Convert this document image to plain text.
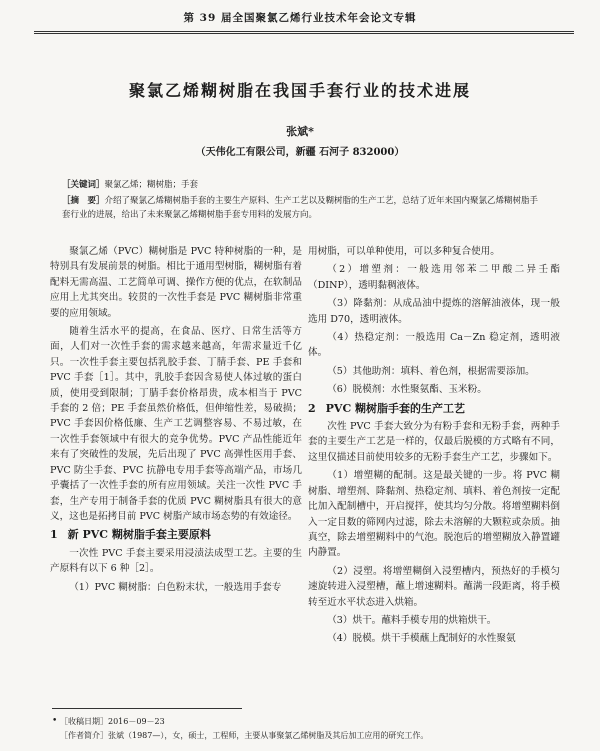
第 39 届全国聚氯乙烯行业技术年会论文专辑
聚氯乙烯糊树脂在我国手套行业的技术进展
张斌*
（天伟化工有限公司，新疆 石河子 832000）
［关键词］聚氯乙烯；糊树脂；手套
［摘　要］介绍了聚氯乙烯糊树脂手套的主要生产原料、生产工艺以及糊树脂的生产工艺，总结了近年来国内聚氯乙烯糊树脂手套行业的进展，给出了未来聚氯乙烯糊树脂手套专用料的发展方向。

聚氯乙烯（PVC）糊树脂是 PVC 特种树脂的一种，是特别具有发展前景的树脂。相比于通用型树脂，糊树脂有着配料无需高温、工艺简单可调、操作方便的优点，在软制品应用上尤其突出。较贯的一次性手套是 PVC 糊树脂非常重要的应用领域。

随着生活水平的提高，在食品、医疗、日常生活等方面，人们对一次性手套的需求越来越高，年需求量近千亿只。一次性手套主要包括乳胶手套、丁腈手套、PE 手套和 PVC 手套［1］。其中，乳胶手套因含易使人体过敏的蛋白质，使用受到限制；丁腈手套价格昂贵，成本相当于 PVC 手套的 2 倍；PE 手套虽然价格低，但伸缩性差，易破损；PVC 手套因价格低廉、生产工艺调整容易、不易过敏，在一次性手套领域中有很大的竞争优势。PVC 产品性能近年来有了突破性的发展，先后出现了 PVC 高弹性医用手套、PVC 防尘手套、PVC 抗静电专用手套等高端产品，市场几乎囊括了一次性手套的所有应用领域。关注一次性 PVC 手套，生产专用于制备手套的优质 PVC 糊树脂具有很大的意义，这也是拓拷目前 PVC 树脂产域市场态势的有效途径。

1 新 PVC 糊树脂手套主要原料

一次性 PVC 手套主要采用浸渍法成型工艺。主要的生产原料有以下 6 种［2］。

（1）PVC 糊树脂：白色粉末状，一般选用手套专

用树脂，可以单种使用，可以多种复合使用。

（2）增塑剂：一般选用邻苯二甲酸二异壬酯（DINP），透明黏稠液体。

（3）降黏剂：从成品油中提炼的溶解油液体，现一般选用 D70，透明液体。

（4）热稳定剂：一般选用 Ca－Zn 稳定剂，透明液体。

（5）其他助剂：填料、着色剂，根据需要添加。

（6）脱模剂：水性聚氨酯、玉米粉。

2 PVC 糊树脂手套的生产工艺

次性 PVC 手套大致分为有粉手套和无粉手套，两种手套的主要生产工艺是一样的，仅最后脱模的方式略有不同，这里仅描述目前使用较多的无粉手套生产工艺，步骤如下。

（1）增塑糊的配制。这是最关键的一步。将 PVC 糊树脂、增塑剂、降黏剂、热稳定剂、填料、着色剂按一定配比加入配制槽中，开启搅拌，使其均匀分散。将增塑糊料倒入一定目数的筛网内过滤，除去未溶解的大颗粒或杂质。抽真空，除去增塑糊料中的气泡。脱泡后的增塑糊放入静置罐内静置。

（2）浸塑。将增塑糊倒入浸塑槽内，预热好的手模匀速旋转进入浸塑槽，蘸上增速糊料。蘸满一段距离，将手模转至近水平状态进入烘箱。

（3）烘干。蘸料手模专用的烘箱烘干。

（4）脱模。烘干手模蘸上配制好的水性聚氨

• ［收稿日期］2016－09－23
［作者简介］张斌（1987—），女，硕士，工程师，主要从事聚氯乙烯树脂及其后加工应用的研究工作。
